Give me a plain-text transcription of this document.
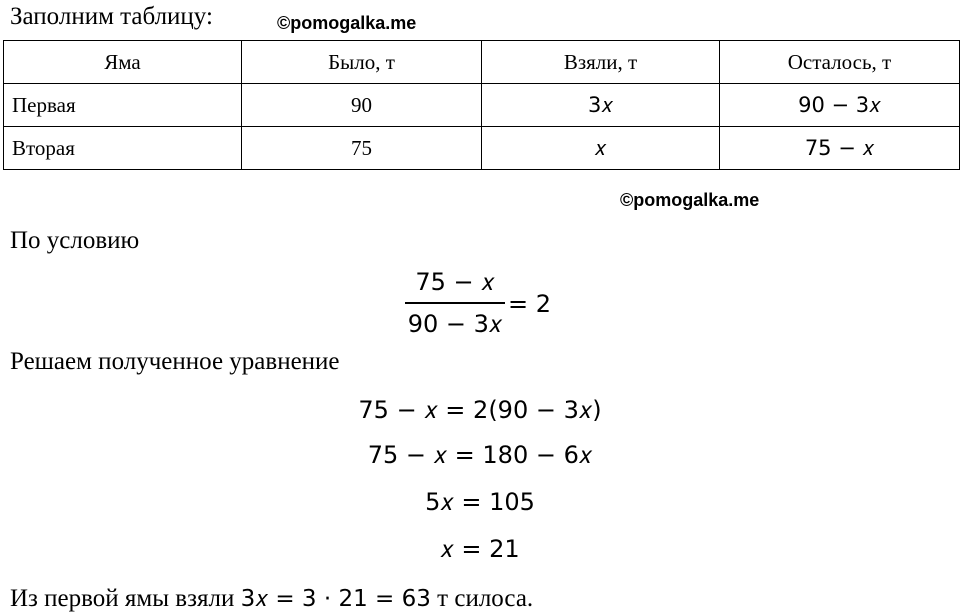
Заполним таблицу:	©pomogalka.me
Яма	Было, т	Взяли, т	Осталось, т
Первая	90	3𝑥	90 − 3𝑥
Вторая	75	𝑥	75 − 𝑥
©pomogalka.me
По условию
75 − 𝑥
90 − 3𝑥
= 2
Решаем полученное уравнение
75 − 𝑥 = 2(90 − 3𝑥)
75 − 𝑥 = 180 − 6𝑥
5𝑥 = 105
𝑥 = 21
Из первой ямы взяли 3𝑥 = 3 ⋅ 21 = 63 т силоса.
